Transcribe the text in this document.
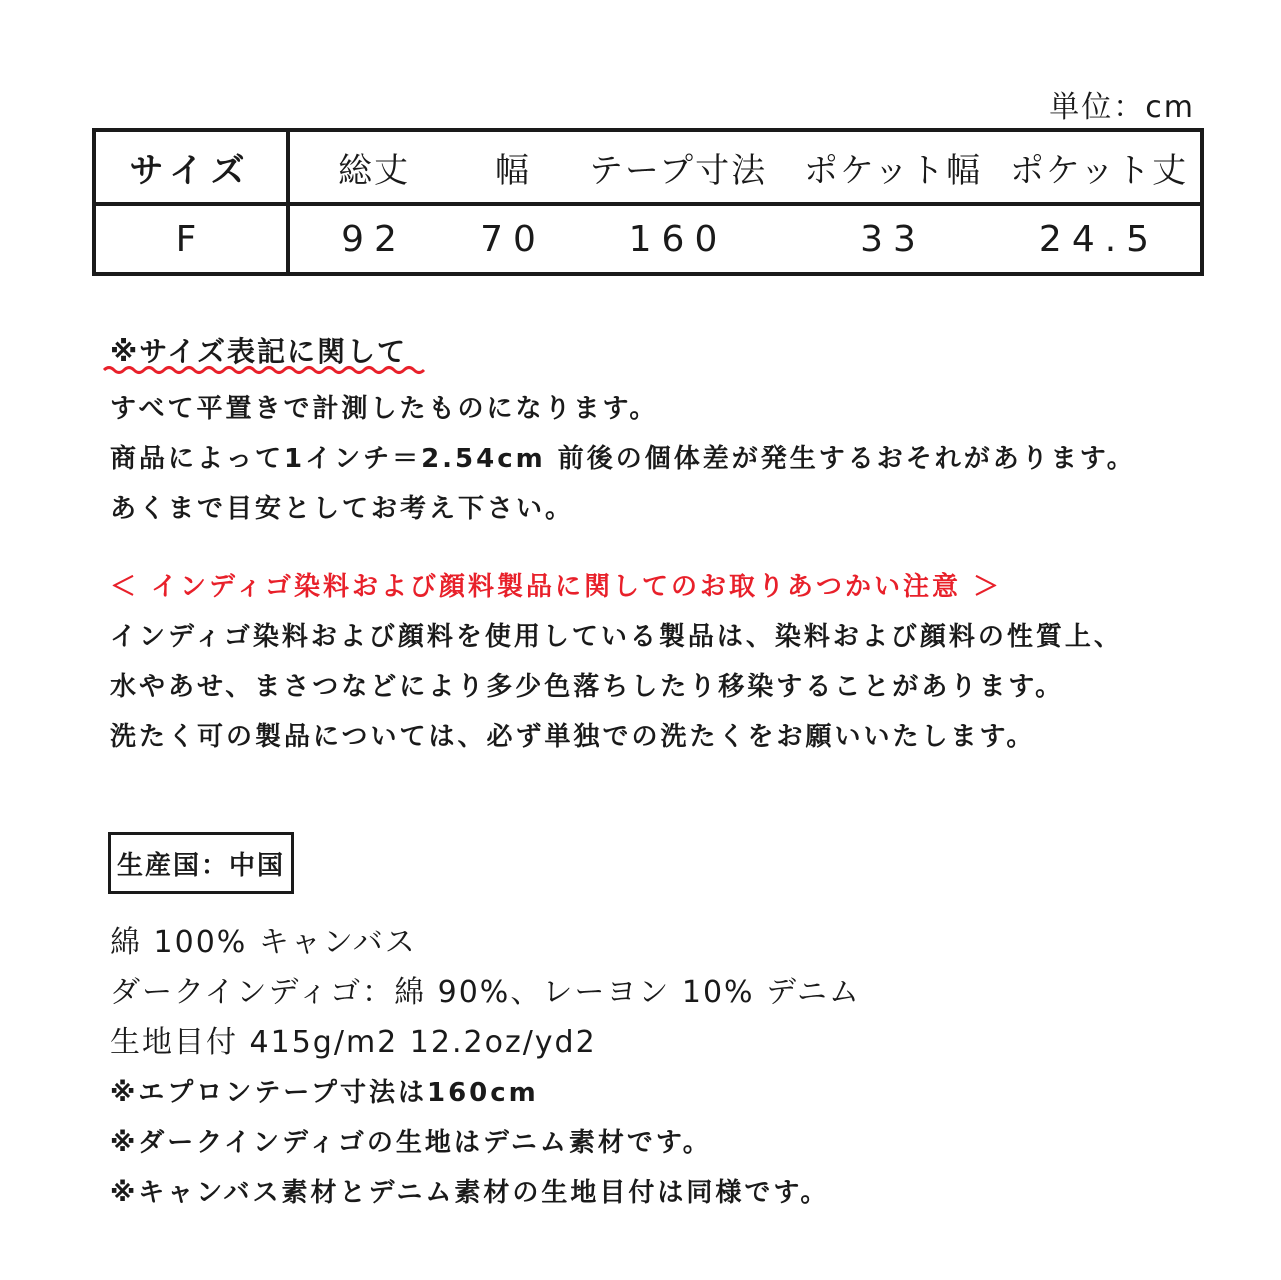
単位：cm
サイズ	総丈	幅	テープ寸法	ポケット幅	ポケット丈
F	92	70	160	33	24.5
※サイズ表記に関して
すべて平置きで計測したものになります。
商品によって1インチ＝2.54cm 前後の個体差が発生するおそれがあります。
あくまで目安としてお考え下さい。
＜ インディゴ染料および顔料製品に関してのお取りあつかい注意 ＞
インディゴ染料および顔料を使用している製品は、染料および顔料の性質上、
水やあせ、まさつなどにより多少色落ちしたり移染することがあります。
洗たく可の製品については、必ず単独での洗たくをお願いいたします。
生産国：中国
綿 100% キャンバス
ダークインディゴ：綿 90%、レーヨン 10% デニム
生地目付 415g/m2 12.2oz/yd2
※エプロンテープ寸法は160cm
※ダークインディゴの生地はデニム素材です。
※キャンバス素材とデニム素材の生地目付は同様です。
